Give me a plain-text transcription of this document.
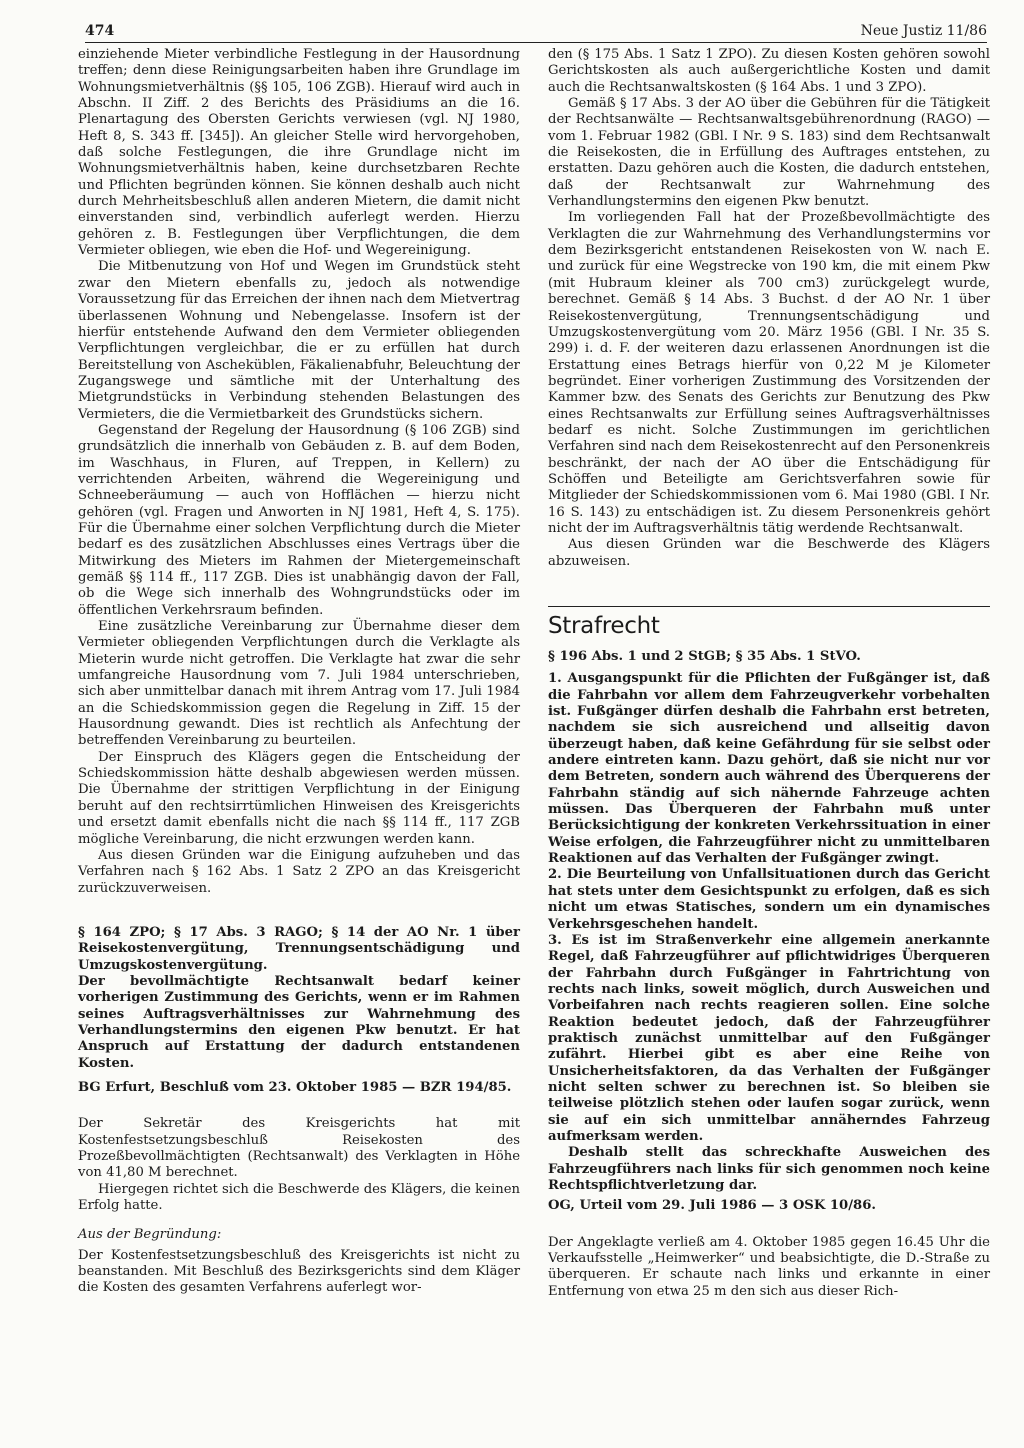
474	Neue Justiz 11/86

einziehende Mieter verbindliche Festlegung in der Hausordnung treffen; denn diese Reinigungsarbeiten haben ihre Grundlage im Wohnungsmietverhältnis (§§ 105, 106 ZGB). Hierauf wird auch in Abschn. II Ziff. 2 des Berichts des Präsidiums an die 16. Plenartagung des Obersten Gerichts verwiesen (vgl. NJ 1980, Heft 8, S. 343 ff. [345]). An gleicher Stelle wird hervorgehoben, daß solche Festlegungen, die ihre Grundlage nicht im Wohnungsmietverhältnis haben, keine durchsetzbaren Rechte und Pflichten begründen können. Sie können deshalb auch nicht durch Mehrheitsbeschluß allen anderen Mietern, die damit nicht einverstanden sind, verbindlich auferlegt werden. Hierzu gehören z. B. Festlegungen über Verpflichtungen, die dem Vermieter obliegen, wie eben die Hof- und Wegereinigung.

Die Mitbenutzung von Hof und Wegen im Grundstück steht zwar den Mietern ebenfalls zu, jedoch als notwendige Voraussetzung für das Erreichen der ihnen nach dem Mietvertrag überlassenen Wohnung und Nebengelasse. Insofern ist der hierfür entstehende Aufwand den dem Vermieter obliegenden Verpflichtungen vergleichbar, die er zu erfüllen hat durch Bereitstellung von Ascheküblen, Fäkalienabfuhr, Beleuchtung der Zugangswege und sämtliche mit der Unterhaltung des Mietgrundstücks in Verbindung stehenden Belastungen des Vermieters, die die Vermietbarkeit des Grundstücks sichern.

Gegenstand der Regelung der Hausordnung (§ 106 ZGB) sind grundsätzlich die innerhalb von Gebäuden z. B. auf dem Boden, im Waschhaus, in Fluren, auf Treppen, in Kellern) zu verrichtenden Arbeiten, während die Wegereinigung und Schneeberäumung — auch von Hofflächen — hierzu nicht gehören (vgl. Fragen und Anworten in NJ 1981, Heft 4, S. 175). Für die Übernahme einer solchen Verpflichtung durch die Mieter bedarf es des zusätzlichen Abschlusses eines Vertrags über die Mitwirkung des Mieters im Rahmen der Mietergemeinschaft gemäß §§ 114 ff., 117 ZGB. Dies ist unabhängig davon der Fall, ob die Wege sich innerhalb des Wohngrundstücks oder im öffentlichen Verkehrsraum befinden.

Eine zusätzliche Vereinbarung zur Übernahme dieser dem Vermieter obliegenden Verpflichtungen durch die Verklagte als Mieterin wurde nicht getroffen. Die Verklagte hat zwar die sehr umfangreiche Hausordnung vom 7. Juli 1984 unterschrieben, sich aber unmittelbar danach mit ihrem Antrag vom 17. Juli 1984 an die Schiedskommission gegen die Regelung in Ziff. 15 der Hausordnung gewandt. Dies ist rechtlich als Anfechtung der betreffenden Vereinbarung zu beurteilen.

Der Einspruch des Klägers gegen die Entscheidung der Schiedskommission hätte deshalb abgewiesen werden müssen. Die Übernahme der strittigen Verpflichtung in der Einigung beruht auf den rechtsirrtümlichen Hinweisen des Kreisgerichts und ersetzt damit ebenfalls nicht die nach §§ 114 ff., 117 ZGB mögliche Vereinbarung, die nicht erzwungen werden kann.

Aus diesen Gründen war die Einigung aufzuheben und das Verfahren nach § 162 Abs. 1 Satz 2 ZPO an das Kreisgericht zurückzuverweisen.

§ 164 ZPO; § 17 Abs. 3 RAGO; § 14 der AO Nr. 1 über Reisekostenvergütung, Trennungsentschädigung und Umzugskostenvergütung.

Der bevollmächtigte Rechtsanwalt bedarf keiner vorherigen Zustimmung des Gerichts, wenn er im Rahmen seines Auftragsverhältnisses zur Wahrnehmung des Verhandlungstermins den eigenen Pkw benutzt. Er hat Anspruch auf Erstattung der dadurch entstandenen Kosten.

BG Erfurt, Beschluß vom 23. Oktober 1985 — BZR 194/85.

Der Sekretär des Kreisgerichts hat mit Kostenfestsetzungsbeschluß Reisekosten des Prozeßbevollmächtigten (Rechtsanwalt) des Verklagten in Höhe von 41,80 M berechnet.

Hiergegen richtet sich die Beschwerde des Klägers, die keinen Erfolg hatte.

Aus der Begründung:

Der Kostenfestsetzungsbeschluß des Kreisgerichts ist nicht zu beanstanden. Mit Beschluß des Bezirksgerichts sind dem Kläger die Kosten des gesamten Verfahrens auferlegt wor-

den (§ 175 Abs. 1 Satz 1 ZPO). Zu diesen Kosten gehören sowohl Gerichtskosten als auch außergerichtliche Kosten und damit auch die Rechtsanwaltskosten (§ 164 Abs. 1 und 3 ZPO).

Gemäß § 17 Abs. 3 der AO über die Gebühren für die Tätigkeit der Rechtsanwälte — Rechtsanwaltsgebührenordnung (RAGO) — vom 1. Februar 1982 (GBl. I Nr. 9 S. 183) sind dem Rechtsanwalt die Reisekosten, die in Erfüllung des Auftrages entstehen, zu erstatten. Dazu gehören auch die Kosten, die dadurch entstehen, daß der Rechtsanwalt zur Wahrnehmung des Verhandlungstermins den eigenen Pkw benutzt.

Im vorliegenden Fall hat der Prozeßbevollmächtigte des Verklagten die zur Wahrnehmung des Verhandlungstermins vor dem Bezirksgericht entstandenen Reisekosten von W. nach E. und zurück für eine Wegstrecke von 190 km, die mit einem Pkw (mit Hubraum kleiner als 700 cm3) zurückgelegt wurde, berechnet. Gemäß § 14 Abs. 3 Buchst. d der AO Nr. 1 über Reisekostenvergütung, Trennungsentschädigung und Umzugskostenvergütung vom 20. März 1956 (GBl. I Nr. 35 S. 299) i. d. F. der weiteren dazu erlassenen Anordnungen ist die Erstattung eines Betrags hierfür von 0,22 M je Kilometer begründet. Einer vorherigen Zustimmung des Vorsitzenden der Kammer bzw. des Senats des Gerichts zur Benutzung des Pkw eines Rechtsanwalts zur Erfüllung seines Auftragsverhältnisses bedarf es nicht. Solche Zustimmungen im gerichtlichen Verfahren sind nach dem Reisekostenrecht auf den Personenkreis beschränkt, der nach der AO über die Entschädigung für Schöffen und Beteiligte am Gerichtsverfahren sowie für Mitglieder der Schiedskommissionen vom 6. Mai 1980 (GBl. I Nr. 16 S. 143) zu entschädigen ist. Zu diesem Personenkreis gehört nicht der im Auftragsverhältnis tätig werdende Rechtsanwalt.

Aus diesen Gründen war die Beschwerde des Klägers abzuweisen.

Strafrecht

§ 196 Abs. 1 und 2 StGB; § 35 Abs. 1 StVO.

1. Ausgangspunkt für die Pflichten der Fußgänger ist, daß die Fahrbahn vor allem dem Fahrzeugverkehr vorbehalten ist. Fußgänger dürfen deshalb die Fahrbahn erst betreten, nachdem sie sich ausreichend und allseitig davon überzeugt haben, daß keine Gefährdung für sie selbst oder andere eintreten kann. Dazu gehört, daß sie nicht nur vor dem Betreten, sondern auch während des Überquerens der Fahrbahn ständig auf sich nähernde Fahrzeuge achten müssen. Das Überqueren der Fahrbahn muß unter Berücksichtigung der konkreten Verkehrssituation in einer Weise erfolgen, die Fahrzeugführer nicht zu unmittelbaren Reaktionen auf das Verhalten der Fußgänger zwingt.

2. Die Beurteilung von Unfallsituationen durch das Gericht hat stets unter dem Gesichtspunkt zu erfolgen, daß es sich nicht um etwas Statisches, sondern um ein dynamisches Verkehrsgeschehen handelt.

3. Es ist im Straßenverkehr eine allgemein anerkannte Regel, daß Fahrzeugführer auf pflichtwidriges Überqueren der Fahrbahn durch Fußgänger in Fahrtrichtung von rechts nach links, soweit möglich, durch Ausweichen und Vorbeifahren nach rechts reagieren sollen. Eine solche Reaktion bedeutet jedoch, daß der Fahrzeugführer praktisch zunächst unmittelbar auf den Fußgänger zufährt. Hierbei gibt es aber eine Reihe von Unsicherheitsfaktoren, da das Verhalten der Fußgänger nicht selten schwer zu berechnen ist. So bleiben sie teilweise plötzlich stehen oder laufen sogar zurück, wenn sie auf ein sich unmittelbar annäherndes Fahrzeug aufmerksam werden.

Deshalb stellt das schreckhafte Ausweichen des Fahrzeugführers nach links für sich genommen noch keine Rechtspflichtverletzung dar.

OG, Urteil vom 29. Juli 1986 — 3 OSK 10/86.

Der Angeklagte verließ am 4. Oktober 1985 gegen 16.45 Uhr die Verkaufsstelle „Heimwerker“ und beabsichtigte, die D.-Straße zu überqueren. Er schaute nach links und erkannte in einer Entfernung von etwa 25 m den sich aus dieser Rich-
